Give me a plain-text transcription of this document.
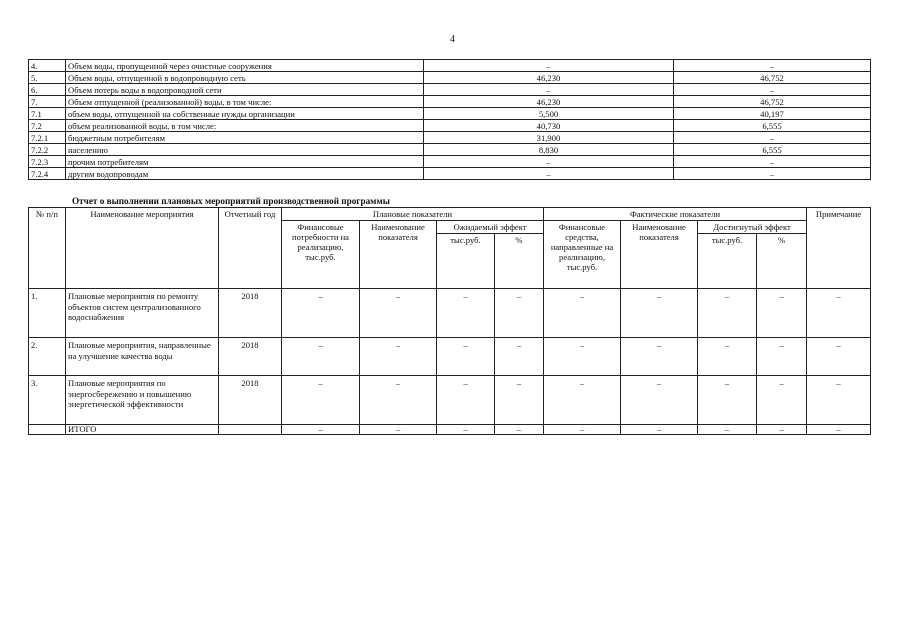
4
4.	Объем воды, пропущенной через очистные сооружения	–	–
5.	Объем воды, отпущенной в водопроводную сеть	46,230	46,752
6.	Объем потерь воды в водопроводной сети	–	–
7.	Объем отпущенной (реализованной) воды, в том числе:	46,230	46,752
7.1	объем воды, отпущенной на собственные нужды организации	5,500	40,197
7.2	объем реализованной воды, в том числе:	40,730	6,555
7.2.1	бюджетным потребителям	31,900	–
7.2.2	населению	8,830	6,555
7.2.3	прочим потребителям	–	–
7.2.4	другим водопроводам	–	–
Отчет о выполнении плановых мероприятий производственной программы
№ п/п	Наименование мероприятия	Отчетный год	Плановые показатели				Фактические показатели				Примечание
			Финансовые потребности на реализацию, тыс.руб.	Наименование показателя	Ожидаемый эффект		Финансовые средства, направленные на реализацию, тыс.руб.	Наименование показателя	Достигнутый эффект		
					тыс.руб.	%			тыс.руб.	%	
1.	Плановые мероприятия по ремонту объектов систем централизованного водоснабжения	2018	–	–	–	–	–	–	–	–	–
2.	Плановые мероприятия, направленные на улучшение качества воды	2018	–	–	–	–	–	–	–	–	–
3.	Плановые мероприятия по энергосбережению и повышению энергетической эффективности	2018	–	–	–	–	–	–	–	–	–
	ИТОГО		–	–	–	–	–	–	–	–	–
